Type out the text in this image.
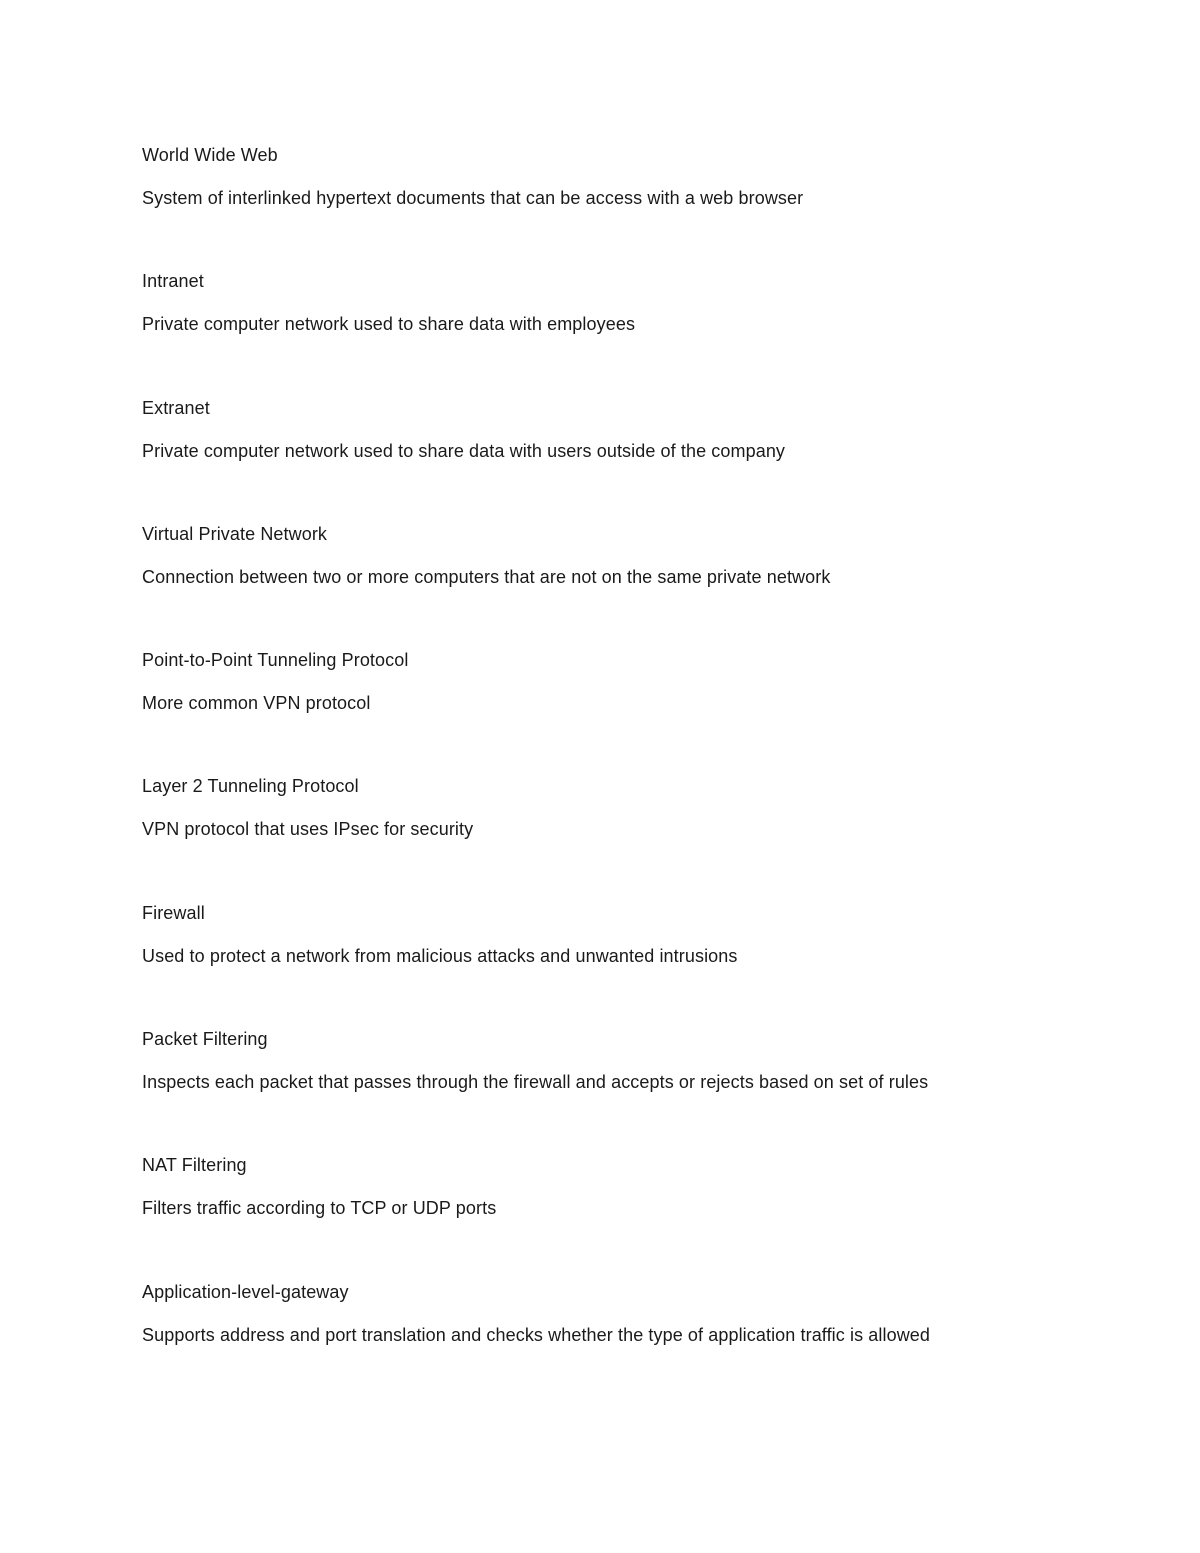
World Wide Web
System of interlinked hypertext documents that can be access with a web browser
Intranet
Private computer network used to share data with employees
Extranet
Private computer network used to share data with users outside of the company
Virtual Private Network
Connection between two or more computers that are not on the same private network
Point-to-Point Tunneling Protocol
More common VPN protocol
Layer 2 Tunneling Protocol
VPN protocol that uses IPsec for security
Firewall
Used to protect a network from malicious attacks and unwanted intrusions
Packet Filtering
Inspects each packet that passes through the firewall and accepts or rejects based on set of rules
NAT Filtering
Filters traffic according to TCP or UDP ports
Application-level-gateway
Supports address and port translation and checks whether the type of application traffic is allowed
